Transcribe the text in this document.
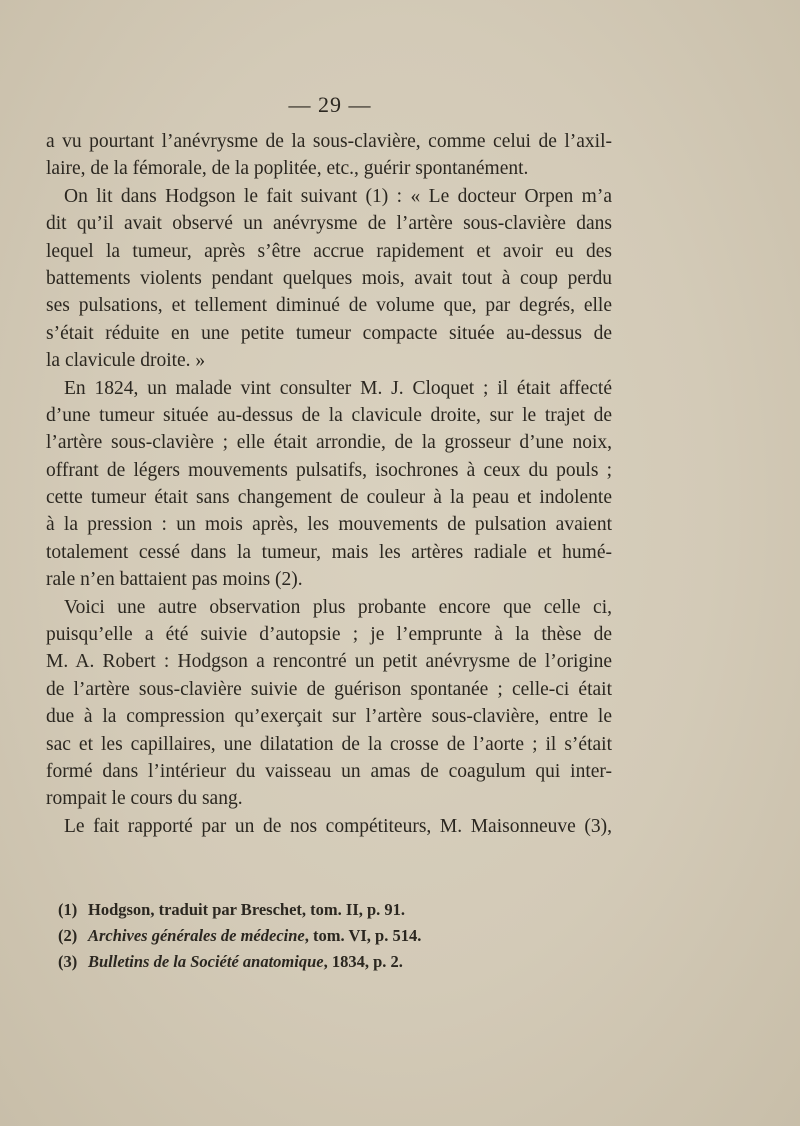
— 29 —
a vu pourtant l’anévrysme de la sous-clavière, comme celui de l’axil-
laire, de la fémorale, de la poplitée, etc., guérir spontanément.
On lit dans Hodgson le fait suivant (1) : « Le docteur Orpen m’a
dit qu’il avait observé un anévrysme de l’artère sous-clavière dans
lequel la tumeur, après s’être accrue rapidement et avoir eu des
battements violents pendant quelques mois, avait tout à coup perdu
ses pulsations, et tellement diminué de volume que, par degrés, elle
s’était réduite en une petite tumeur compacte située au-dessus de
la clavicule droite. »
En 1824, un malade vint consulter M. J. Cloquet ; il était affecté
d’une tumeur située au-dessus de la clavicule droite, sur le trajet de
l’artère sous-clavière ; elle était arrondie, de la grosseur d’une noix,
offrant de légers mouvements pulsatifs, isochrones à ceux du pouls ;
cette tumeur était sans changement de couleur à la peau et indolente
à la pression : un mois après, les mouvements de pulsation avaient
totalement cessé dans la tumeur, mais les artères radiale et humé-
rale n’en battaient pas moins (2).
Voici une autre observation plus probante encore que celle ci,
puisqu’elle a été suivie d’autopsie ; je l’emprunte à la thèse de
M. A. Robert : Hodgson a rencontré un petit anévrysme de l’origine
de l’artère sous-clavière suivie de guérison spontanée ; celle-ci était
due à la compression qu’exerçait sur l’artère sous-clavière, entre le
sac et les capillaires, une dilatation de la crosse de l’aorte ; il s’était
formé dans l’intérieur du vaisseau un amas de coagulum qui inter-
rompait le cours du sang.
Le fait rapporté par un de nos compétiteurs, M. Maisonneuve (3),
(1) Hodgson, traduit par Breschet, tom. II, p. 91.
(2) Archives générales de médecine, tom. VI, p. 514.
(3) Bulletins de la Société anatomique, 1834, p. 2.
